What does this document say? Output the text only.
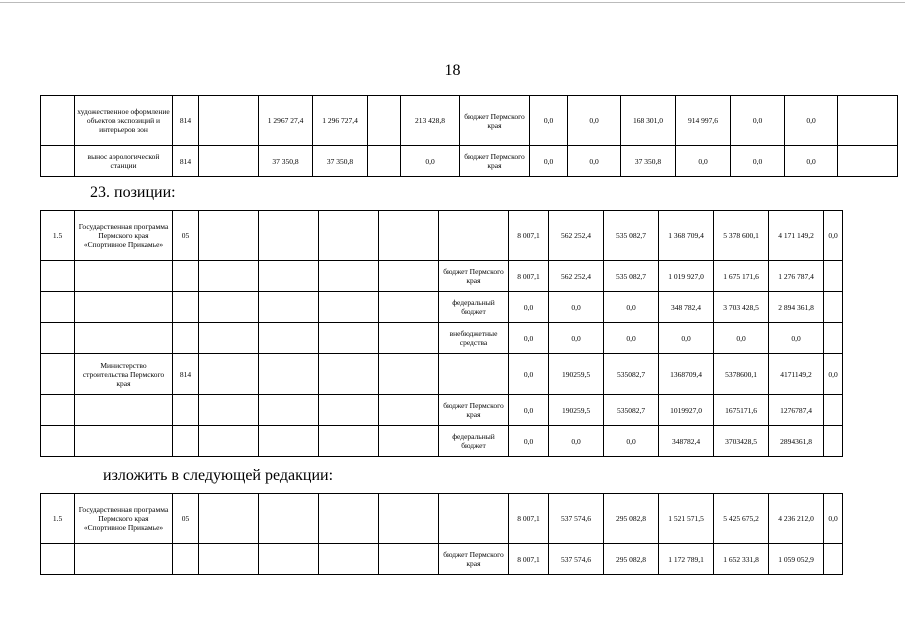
18
	художественное оформление объектов экспозиций и интерьеров зон	814		1 2967 27,4	1 296 727,4		213 428,8	бюджет Пермского края	0,0	0,0	168 301,0	914 997,6	0,0	0,0	
	вынос аэрологической станции	814		37 350,8	37 350,8		0,0	бюджет Пермского края	0,0	0,0	37 350,8	0,0	0,0	0,0	
23. позиции:
1.5	Государственная программа Пермского края «Спортивное Прикамье»	05						8 007,1	562 252,4	535 082,7	1 368 709,4	5 378 600,1	4 171 149,2	0,0
							бюджет Пермского края	8 007,1	562 252,4	535 082,7	1 019 927,0	1 675 171,6	1 276 787,4	
							федеральный бюджет	0,0	0,0	0,0	348 782,4	3 703 428,5	2 894 361,8	
							внебюджетные средства	0,0	0,0	0,0	0,0	0,0	0,0	
	Министерство строительства Пермского края	814						0,0	190259,5	535082,7	1368709,4	5378600,1	4171149,2	0,0
							бюджет Пермского края	0,0	190259,5	535082,7	1019927,0	1675171,6	1276787,4	
							федеральный бюджет	0,0	0,0	0,0	348782,4	3703428,5	2894361,8	
изложить в следующей редакции:
1.5	Государственная программа Пермского края «Спортивное Прикамье»	05						8 007,1	537 574,6	295 082,8	1 521 571,5	5 425 675,2	4 236 212,0	0,0
							бюджет Пермского края	8 007,1	537 574,6	295 082,8	1 172 789,1	1 652 331,8	1 059 052,9	
